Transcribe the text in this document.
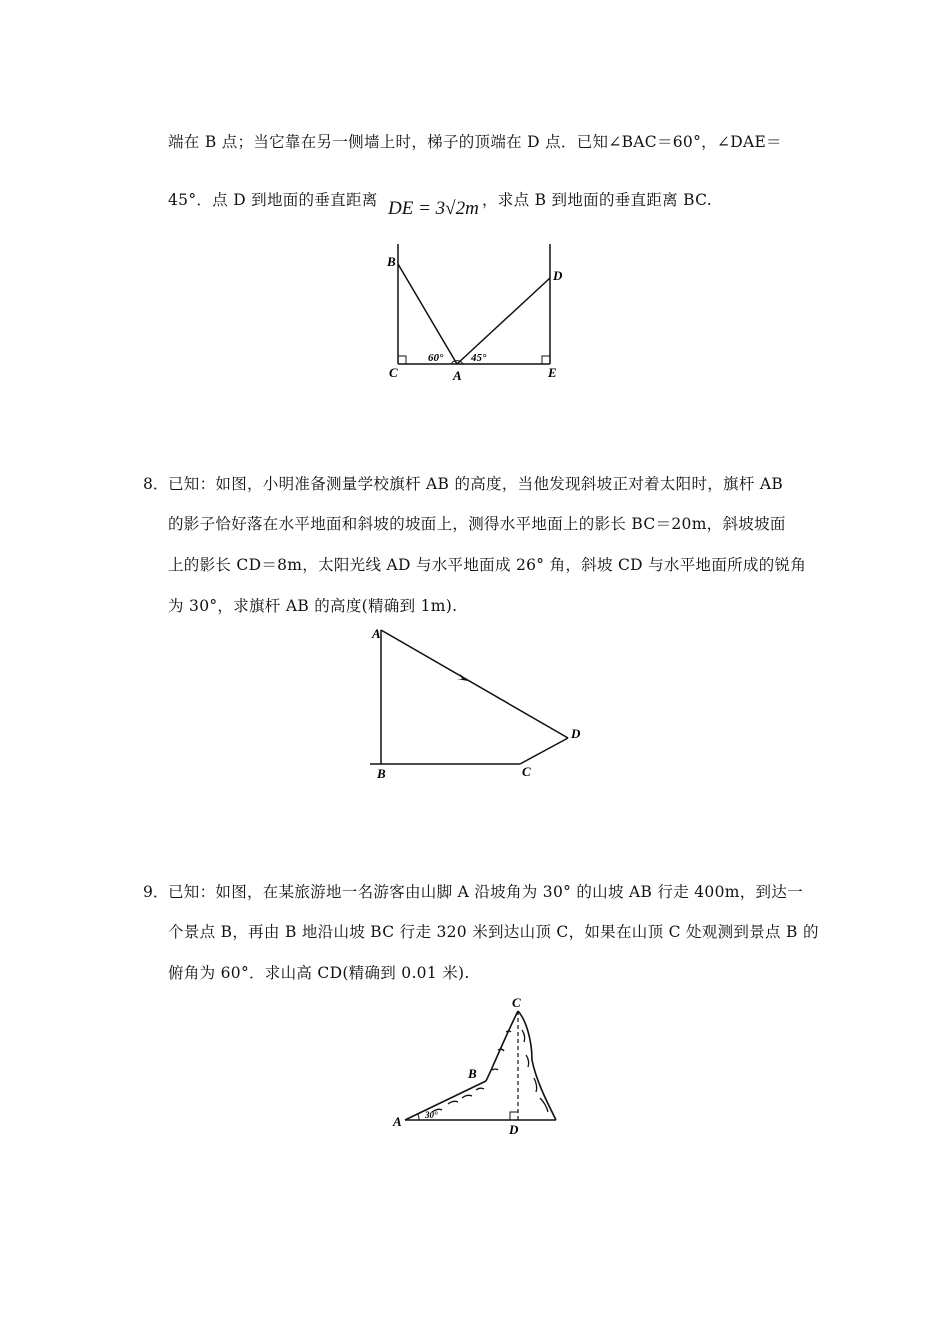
端在 B 点；当它靠在另一侧墙上时，梯子的顶端在 D 点．已知∠BAC＝60°，∠DAE＝
45°．点 D 到地面的垂直距离 DE = 3√2m ，求点 B 到地面的垂直距离 BC.
B
D
C	A	E
60°	45°
8． 已知：如图，小明准备测量学校旗杆 AB 的高度，当他发现斜坡正对着太阳时，旗杆 AB
的影子恰好落在水平地面和斜坡的坡面上，测得水平地面上的影长 BC＝20m，斜坡坡面
上的影长 CD＝8m，太阳光线 AD 与水平地面成 26° 角，斜坡 CD 与水平地面所成的锐角
为 30°，求旗杆 AB 的高度(精确到 1m).
A
B	C
D
9． 已知：如图，在某旅游地一名游客由山脚 A 沿坡角为 30° 的山坡 AB 行走 400m，到达一
个景点 B，再由 B 地沿山坡 BC 行走 320 米到达山顶 C，如果在山顶 C 处观测到景点 B 的
俯角为 60°．求山高 CD(精确到 0.01 米).
C
B
A
D
30°
